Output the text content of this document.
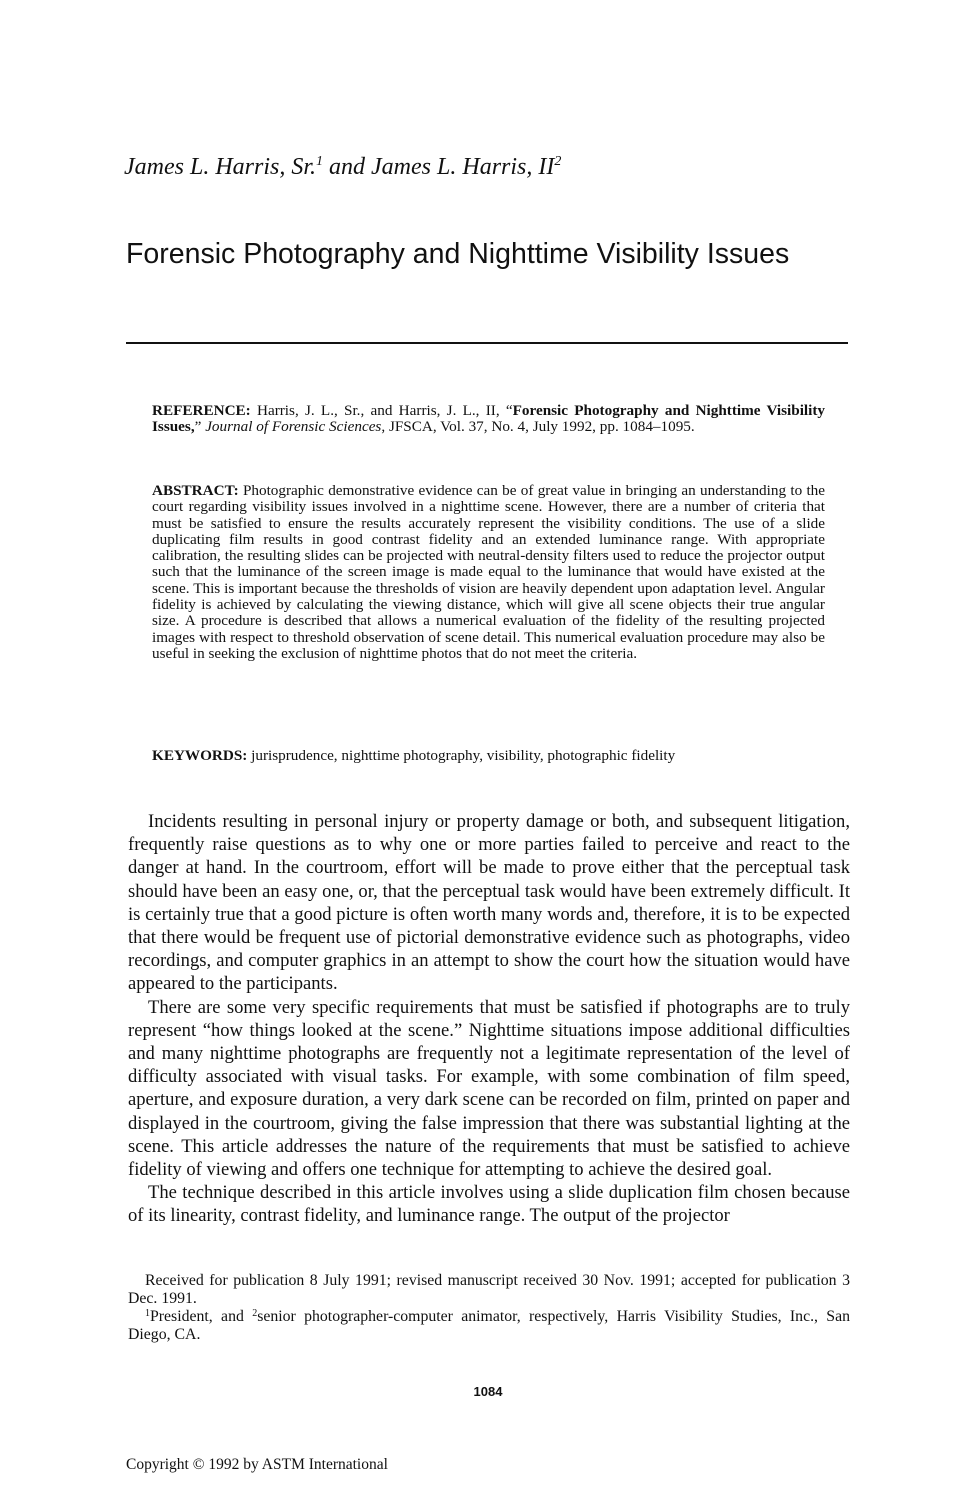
James L. Harris, Sr.$^1$ and James L. Harris, $II^2$
Forensic Photography and Nighttime Visibility Issues
REFERENCE: Harris, J. L., Sr., and Harris, J. L., II, “Forensic Photography and Nighttime Visibility Issues,” Journal of Forensic Sciences, JFSCA, Vol. 37, No. 4, July 1992, pp. 1084–1095.
ABSTRACT: Photographic demonstrative evidence can be of great value in bringing an understanding to the court regarding visibility issues involved in a nighttime scene. However, there are a number of criteria that must be satisfied to ensure the results accurately represent the visibility conditions. The use of a slide duplicating film results in good contrast fidelity and an extended luminance range. With appropriate calibration, the resulting slides can be projected with neutral-density filters used to reduce the projector output such that the luminance of the screen image is made equal to the luminance that would have existed at the scene. This is important because the thresholds of vision are heavily dependent upon adaptation level. Angular fidelity is achieved by calculating the viewing distance, which will give all scene objects their true angular size. A procedure is described that allows a numerical evaluation of the fidelity of the resulting projected images with respect to threshold observation of scene detail. This numerical evaluation procedure may also be useful in seeking the exclusion of nighttime photos that do not meet the criteria.
KEYWORDS: jurisprudence, nighttime photography, visibility, photographic fidelity

Incidents resulting in personal injury or property damage or both, and subsequent litigation, frequently raise questions as to why one or more parties failed to perceive and react to the danger at hand. In the courtroom, effort will be made to prove either that the perceptual task should have been an easy one, or, that the perceptual task would have been extremely difficult. It is certainly true that a good picture is often worth many words and, therefore, it is to be expected that there would be frequent use of pictorial demonstrative evidence such as photographs, video recordings, and computer graphics in an attempt to show the court how the situation would have appeared to the participants.

There are some very specific requirements that must be satisfied if photographs are to truly represent “how things looked at the scene.” Nighttime situations impose additional difficulties and many nighttime photographs are frequently not a legitimate representation of the level of difficulty associated with visual tasks. For example, with some combination of film speed, aperture, and exposure duration, a very dark scene can be recorded on film, printed on paper and displayed in the courtroom, giving the false impression that there was substantial lighting at the scene. This article addresses the nature of the requirements that must be satisfied to achieve fidelity of viewing and offers one technique for attempting to achieve the desired goal.

The technique described in this article involves using a slide duplication film chosen because of its linearity, contrast fidelity, and luminance range. The output of the projector

Received for publication 8 July 1991; revised manuscript received 30 Nov. 1991; accepted for publication 3 Dec. 1991.

$^1$President, and $^2$senior photographer-computer animator, respectively, Harris Visibility Studies, Inc., San Diego, CA.

1084
Copyright © 1992 by ASTM International
